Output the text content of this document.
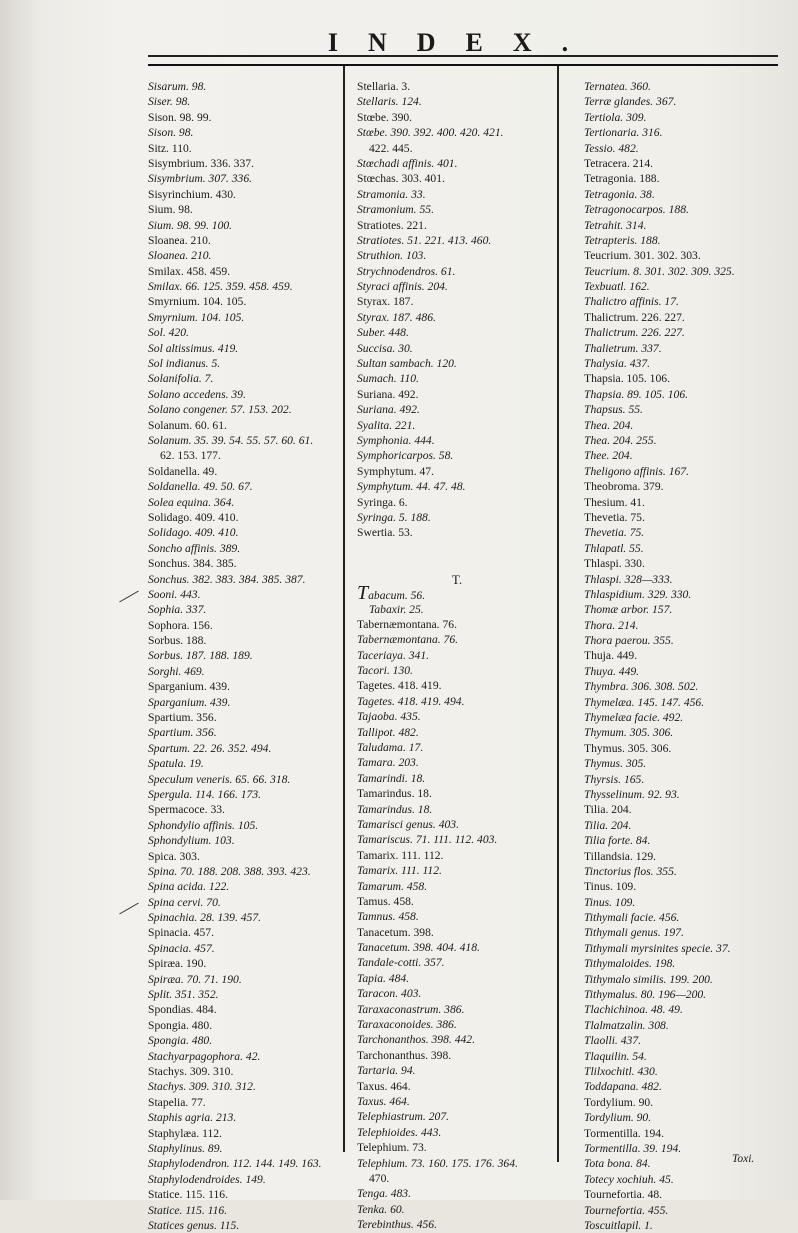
INDEX.
Sisarum. 98.
Siser. 98.
Sison. 98. 99.
Sison. 98.
Sitz. 110.
Sisymbrium. 336. 337.
Sisymbrium. 307. 336.
Sisyrinchium. 430.
Sium. 98.
Sium. 98. 99. 100.
Sloanea. 210.
Sloanea. 210.
Smilax. 458. 459.
Smilax. 66. 125. 359. 458. 459.
Smyrnium. 104. 105.
Smyrnium. 104. 105.
Sol. 420.
Sol altissimus. 419.
Sol indianus. 5.
Solanifolia. 7.
Solano accedens. 39.
Solano congener. 57. 153. 202.
Solanum. 60. 61.
Solanum. 35. 39. 54. 55. 57. 60. 61.
62. 153. 177.
Soldanella. 49.
Soldanella. 49. 50. 67.
Solea equina. 364.
Solidago. 409. 410.
Solidago. 409. 410.
Soncho affinis. 389.
Sonchus. 384. 385.
Sonchus. 382. 383. 384. 385. 387.
Sooni. 443.
Sophia. 337.
Sophora. 156.
Sorbus. 188.
Sorbus. 187. 188. 189.
Sorghi. 469.
Sparganium. 439.
Sparganium. 439.
Spartium. 356.
Spartium. 356.
Spartum. 22. 26. 352. 494.
Spatula. 19.
Speculum veneris. 65. 66. 318.
Spergula. 114. 166. 173.
Spermacoce. 33.
Sphondylio affinis. 105.
Sphondylium. 103.
Spica. 303.
Spina. 70. 188. 208. 388. 393. 423.
Spina acida. 122.
Spina cervi. 70.
Spinachia. 28. 139. 457.
Spinacia. 457.
Spinacia. 457.
Spiræa. 190.
Spiræa. 70. 71. 190.
Split. 351. 352.
Spondias. 484.
Spongia. 480.
Spongia. 480.
Stachyarpagophora. 42.
Stachys. 309. 310.
Stachys. 309. 310. 312.
Stapelia. 77.
Staphis agria. 213.
Staphylæa. 112.
Staphylinus. 89.
Staphylodendron. 112. 144. 149. 163.
Staphylodendroides. 149.
Statice. 115. 116.
Statice. 115. 116.
Statices genus. 115.
Stellaria. 3.
Stellaris. 124.
Stœbe. 390.
Stœbe. 390. 392. 400. 420. 421.
422. 445.
Stœchadi affinis. 401.
Stœchas. 303. 401.
Stramonia. 33.
Stramonium. 55.
Stratiotes. 221.
Stratiotes. 51. 221. 413. 460.
Struthion. 103.
Strychnodendros. 61.
Styraci affinis. 204.
Styrax. 187.
Styrax. 187. 486.
Suber. 448.
Succisa. 30.
Sultan sambach. 120.
Sumach. 110.
Suriana. 492.
Suriana. 492.
Syalita. 221.
Symphonia. 444.
Symphoricarpos. 58.
Symphytum. 47.
Symphytum. 44. 47. 48.
Syringa. 6.
Syringa. 5. 188.
Swertia. 53.
T.
Tabacum. 56.
Tabaxir. 25.
Tabernæmontana. 76.
Tabernæmontana. 76.
Taceriaya. 341.
Tacori. 130.
Tagetes. 418. 419.
Tagetes. 418. 419. 494.
Tajaoba. 435.
Tallipot. 482.
Taludama. 17.
Tamara. 203.
Tamarindi. 18.
Tamarindus. 18.
Tamarindus. 18.
Tamarisci genus. 403.
Tamariscus. 71. 111. 112. 403.
Tamarix. 111. 112.
Tamarix. 111. 112.
Tamarum. 458.
Tamus. 458.
Tamnus. 458.
Tanacetum. 398.
Tanacetum. 398. 404. 418.
Tandale-cotti. 357.
Tapia. 484.
Taracon. 403.
Taraxaconastrum. 386.
Taraxaconoides. 386.
Tarchonanthos. 398. 442.
Tarchonanthus. 398.
Tartaria. 94.
Taxus. 464.
Taxus. 464.
Telephiastrum. 207.
Telephioides. 443.
Telephium. 73.
Telephium. 73. 160. 175. 176. 364.
470.
Tenga. 483.
Tenka. 60.
Terebinthus. 456.
Ternatea. 360.
Terræ glandes. 367.
Tertiola. 309.
Tertionaria. 316.
Tessio. 482.
Tetracera. 214.
Tetragonia. 188.
Tetragonia. 38.
Tetragonocarpos. 188.
Tetrahit. 314.
Tetrapteris. 188.
Teucrium. 301. 302. 303.
Teucrium. 8. 301. 302. 309. 325.
Texbuatl. 162.
Thalictro affinis. 17.
Thalictrum. 226. 227.
Thalictrum. 226. 227.
Thalietrum. 337.
Thalysia. 437.
Thapsia. 105. 106.
Thapsia. 89. 105. 106.
Thapsus. 55.
Thea. 204.
Thea. 204. 255.
Thee. 204.
Theligono affinis. 167.
Theobroma. 379.
Thesium. 41.
Thevetia. 75.
Thevetia. 75.
Thlapatl. 55.
Thlaspi. 330.
Thlaspi. 328—333.
Thlaspidium. 329. 330.
Thomæ arbor. 157.
Thora. 214.
Thora paerou. 355.
Thuja. 449.
Thuya. 449.
Thymbra. 306. 308. 502.
Thymelæa. 145. 147. 456.
Thymelæa facie. 492.
Thymum. 305. 306.
Thymus. 305. 306.
Thymus. 305.
Thyrsis. 165.
Thysselinum. 92. 93.
Tilia. 204.
Tilia. 204.
Tilia forte. 84.
Tillandsia. 129.
Tinctorius flos. 355.
Tinus. 109.
Tinus. 109.
Tithymali facie. 456.
Tithymali genus. 197.
Tithymali myrsinites specie. 37.
Tithymaloides. 198.
Tithymalo similis. 199. 200.
Tithymalus. 80. 196—200.
Tlachichinoa. 48. 49.
Tlalmatzalin. 308.
Tlaolli. 437.
Tlaquilin. 54.
Tlilxochitl. 430.
Toddapana. 482.
Tordylium. 90.
Tordylium. 90.
Tormentilla. 194.
Tormentilla. 39. 194.
Tota bona. 84.
Totecy xochiuh. 45.
Tournefortia. 48.
Tournefortia. 455.
Toscuitlapil. 1.
Toxi.
